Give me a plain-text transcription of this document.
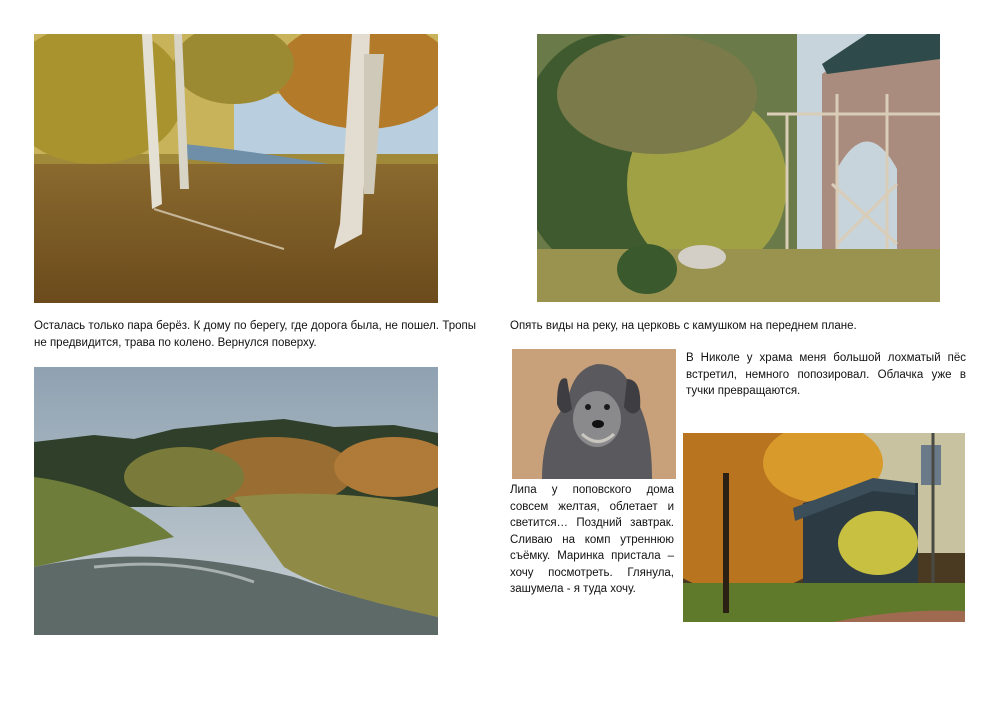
Осталась только пара берёз. К дому по берегу, где дорога была, не пошел. Тропы не предвидится, трава по колено. Вернулся поверху.
Опять виды на реку, на церковь с камушком на переднем плане.
В Николе у храма меня большой лохматый пёс встретил, немного попозировал. Облачка уже в тучки превращаются.
Липа у поповского дома совсем желтая, облетает и светится… Поздний завтрак. Сливаю на комп утреннюю съёмку. Маринка пристала – хочу посмотреть. Глянула, зашумела - я туда хочу.
